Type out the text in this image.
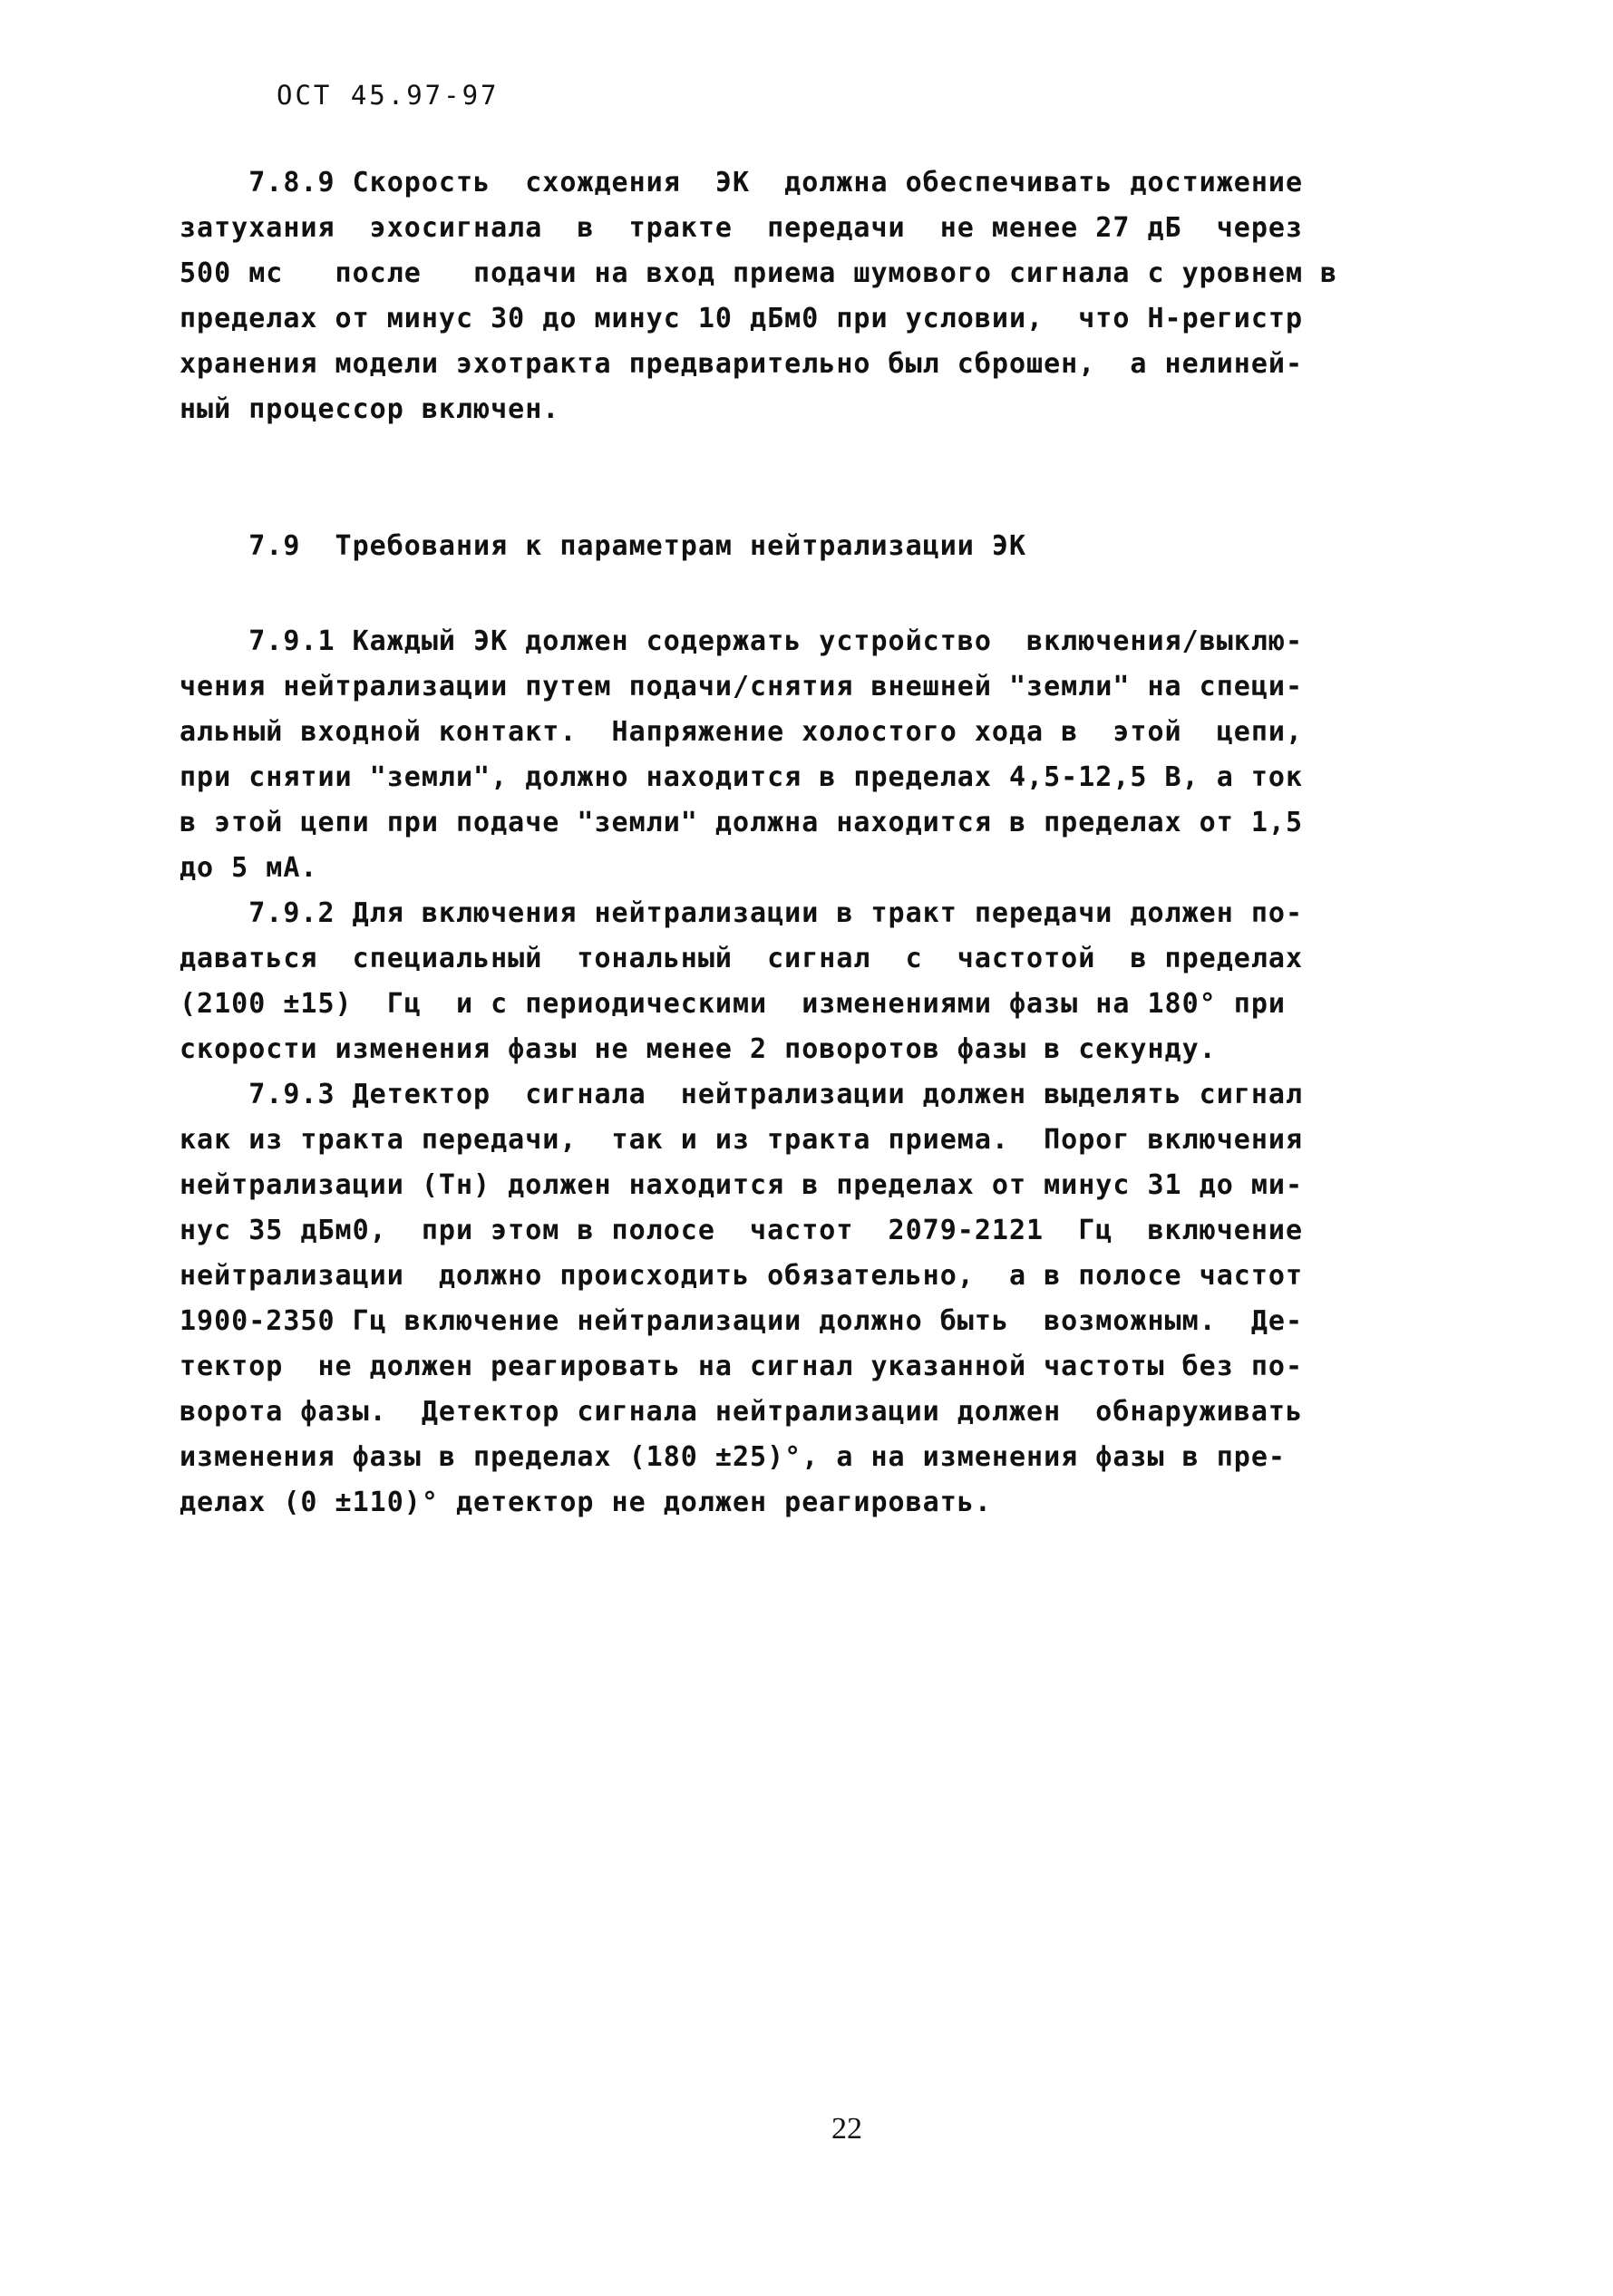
ОСТ 45.97-97
7.8.9 Скорость  схождения  ЭК  должна обеспечивать достижение
затухания  эхосигнала  в  тракте  передачи  не менее 27 дБ  через
500 мс   после   подачи на вход приема шумового сигнала с уровнем в
пределах от минус 30 до минус 10 дБм0 при условии,  что Н-регистр
хранения модели эхотракта предварительно был сброшен,  а нелиней-
ный процессор включен.
7.9  Требования к параметрам нейтрализации ЭК
7.9.1 Каждый ЭК должен содержать устройство  включения/выклю-
чения нейтрализации путем подачи/снятия внешней "земли" на специ-
альный входной контакт.  Напряжение холостого хода в  этой  цепи,
при снятии "земли", должно находится в пределах 4,5-12,5 В, а ток
в этой цепи при подаче "земли" должна находится в пределах от 1,5
до 5 мА.
7.9.2 Для включения нейтрализации в тракт передачи должен по-
даваться  специальный  тональный  сигнал  с  частотой  в пределах
(2100 ±15)  Гц  и с периодическими  изменениями фазы на 180° при
скорости изменения фазы не менее 2 поворотов фазы в секунду.
7.9.3 Детектор  сигнала  нейтрализации должен выделять сигнал
как из тракта передачи,  так и из тракта приема.  Порог включения
нейтрализации (Тн) должен находится в пределах от минус 31 до ми-
нус 35 дБм0,  при этом в полосе  частот  2079-2121  Гц  включение
нейтрализации  должно происходить обязательно,  а в полосе частот
1900-2350 Гц включение нейтрализации должно быть  возможным.  Де-
тектор  не должен реагировать на сигнал указанной частоты без по-
ворота фазы.  Детектор сигнала нейтрализации должен  обнаруживать
изменения фазы в пределах (180 ±25)°, а на изменения фазы в пре-
делах (0 ±110)° детектор не должен реагировать.
22
